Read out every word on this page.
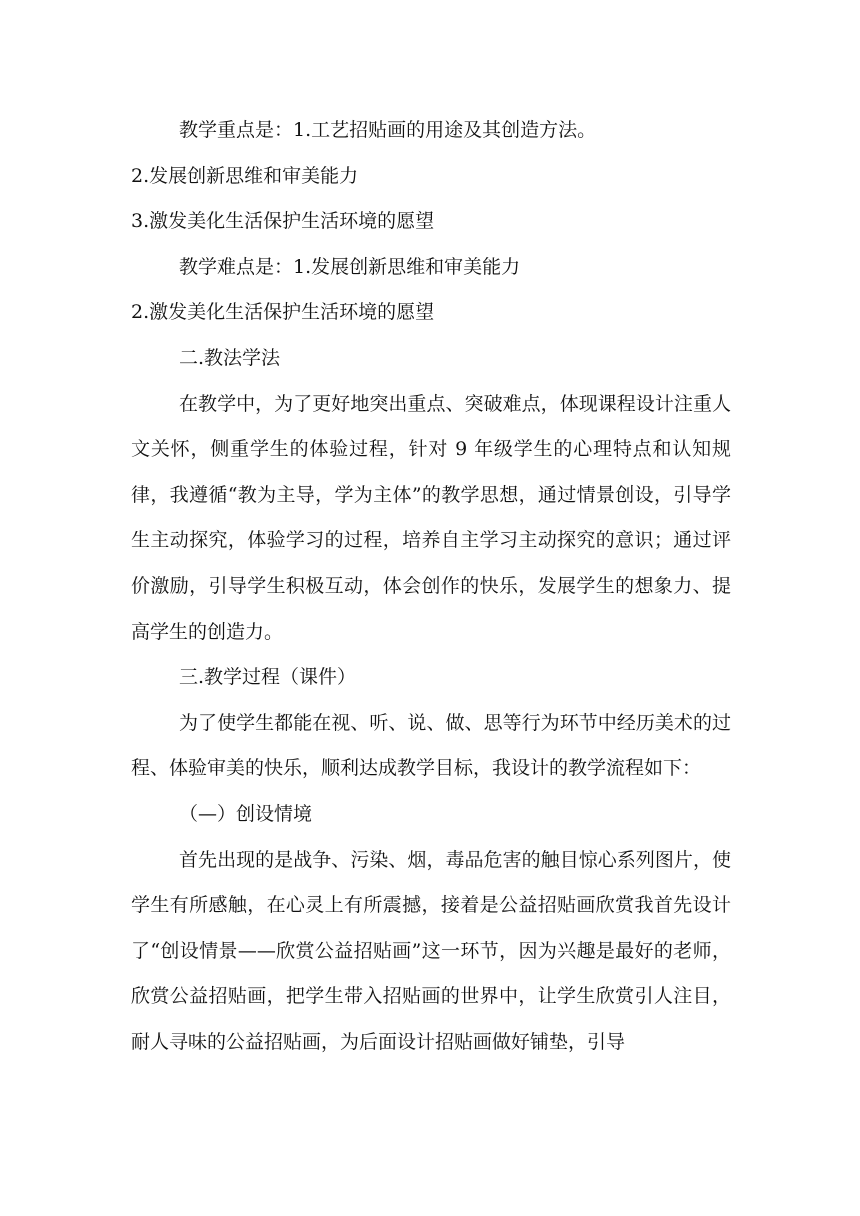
教学重点是：1.工艺招贴画的用途及其创造方法。

2.发展创新思维和审美能力

3.激发美化生活保护生活环境的愿望

教学难点是：1.发展创新思维和审美能力

2.激发美化生活保护生活环境的愿望

二.教法学法

在教学中，为了更好地突出重点、突破难点，体现课程设计注重人文关怀，侧重学生的体验过程，针对 9 年级学生的心理特点和认知规律，我遵循“教为主导，学为主体”的教学思想，通过情景创设，引导学生主动探究，体验学习的过程，培养自主学习主动探究的意识；通过评价激励，引导学生积极互动，体会创作的快乐，发展学生的想象力、提高学生的创造力。

三.教学过程（课件）

为了使学生都能在视、听、说、做、思等行为环节中经历美术的过程、体验审美的快乐，顺利达成教学目标，我设计的教学流程如下：

（—）创设情境

首先出现的是战争、污染、烟，毒品危害的触目惊心系列图片，使学生有所感触，在心灵上有所震撼，接着是公益招贴画欣赏我首先设计了“创设情景——欣赏公益招贴画”这一环节，因为兴趣是最好的老师，欣赏公益招贴画，把学生带入招贴画的世界中，让学生欣赏引人注目，耐人寻味的公益招贴画，为后面设计招贴画做好铺垫，引导
